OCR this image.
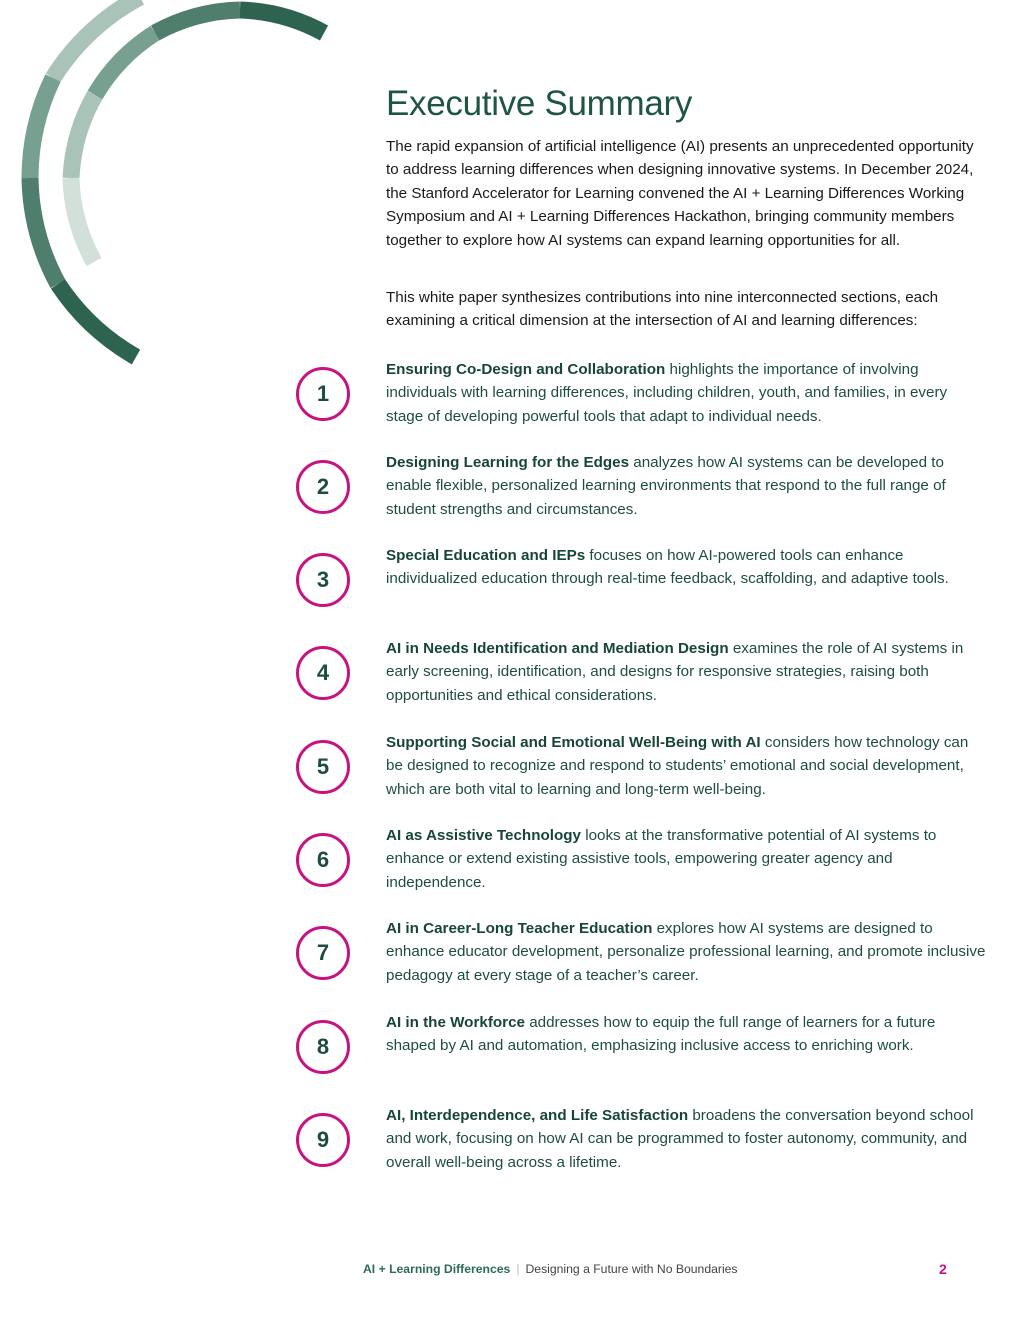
Executive Summary

The rapid expansion of artificial intelligence (AI) presents an unprecedented opportunity to address learning differences when designing innovative systems. In December 2024, the Stanford Accelerator for Learning convened the AI + Learning Differences Working Symposium and AI + Learning Differences Hackathon, bringing community members together to explore how AI systems can expand learning opportunities for all.

This white paper synthesizes contributions into nine interconnected sections, each examining a critical dimension at the intersection of AI and learning differences:

1

Ensuring Co-Design and Collaboration highlights the importance of involving individuals with learning differences, including children, youth, and families, in every stage of developing powerful tools that adapt to individual needs.

2

Designing Learning for the Edges analyzes how AI systems can be developed to enable flexible, personalized learning environments that respond to the full range of student strengths and circumstances.

3

Special Education and IEPs focuses on how AI-powered tools can enhance individualized education through real-time feedback, scaffolding, and adaptive tools.

4

AI in Needs Identification and Mediation Design examines the role of AI systems in early screening, identification, and designs for responsive strategies, raising both opportunities and ethical considerations.

5

Supporting Social and Emotional Well-Being with AI considers how technology can be designed to recognize and respond to students’ emotional and social development, which are both vital to learning and long-term well-being.

6

AI as Assistive Technology looks at the transformative potential of AI systems to enhance or extend existing assistive tools, empowering greater agency and independence.

7

AI in Career-Long Teacher Education explores how AI systems are designed to enhance educator development, personalize professional learning, and promote inclusive pedagogy at every stage of a teacher’s career.

8

AI in the Workforce addresses how to equip the full range of learners for a future shaped by AI and automation, emphasizing inclusive access to enriching work.

9

AI, Interdependence, and Life Satisfaction broadens the conversation beyond school and work, focusing on how AI can be programmed to foster autonomy, community, and overall well-being across a lifetime.

AI + Learning Differences | Designing a Future with No Boundaries	2
